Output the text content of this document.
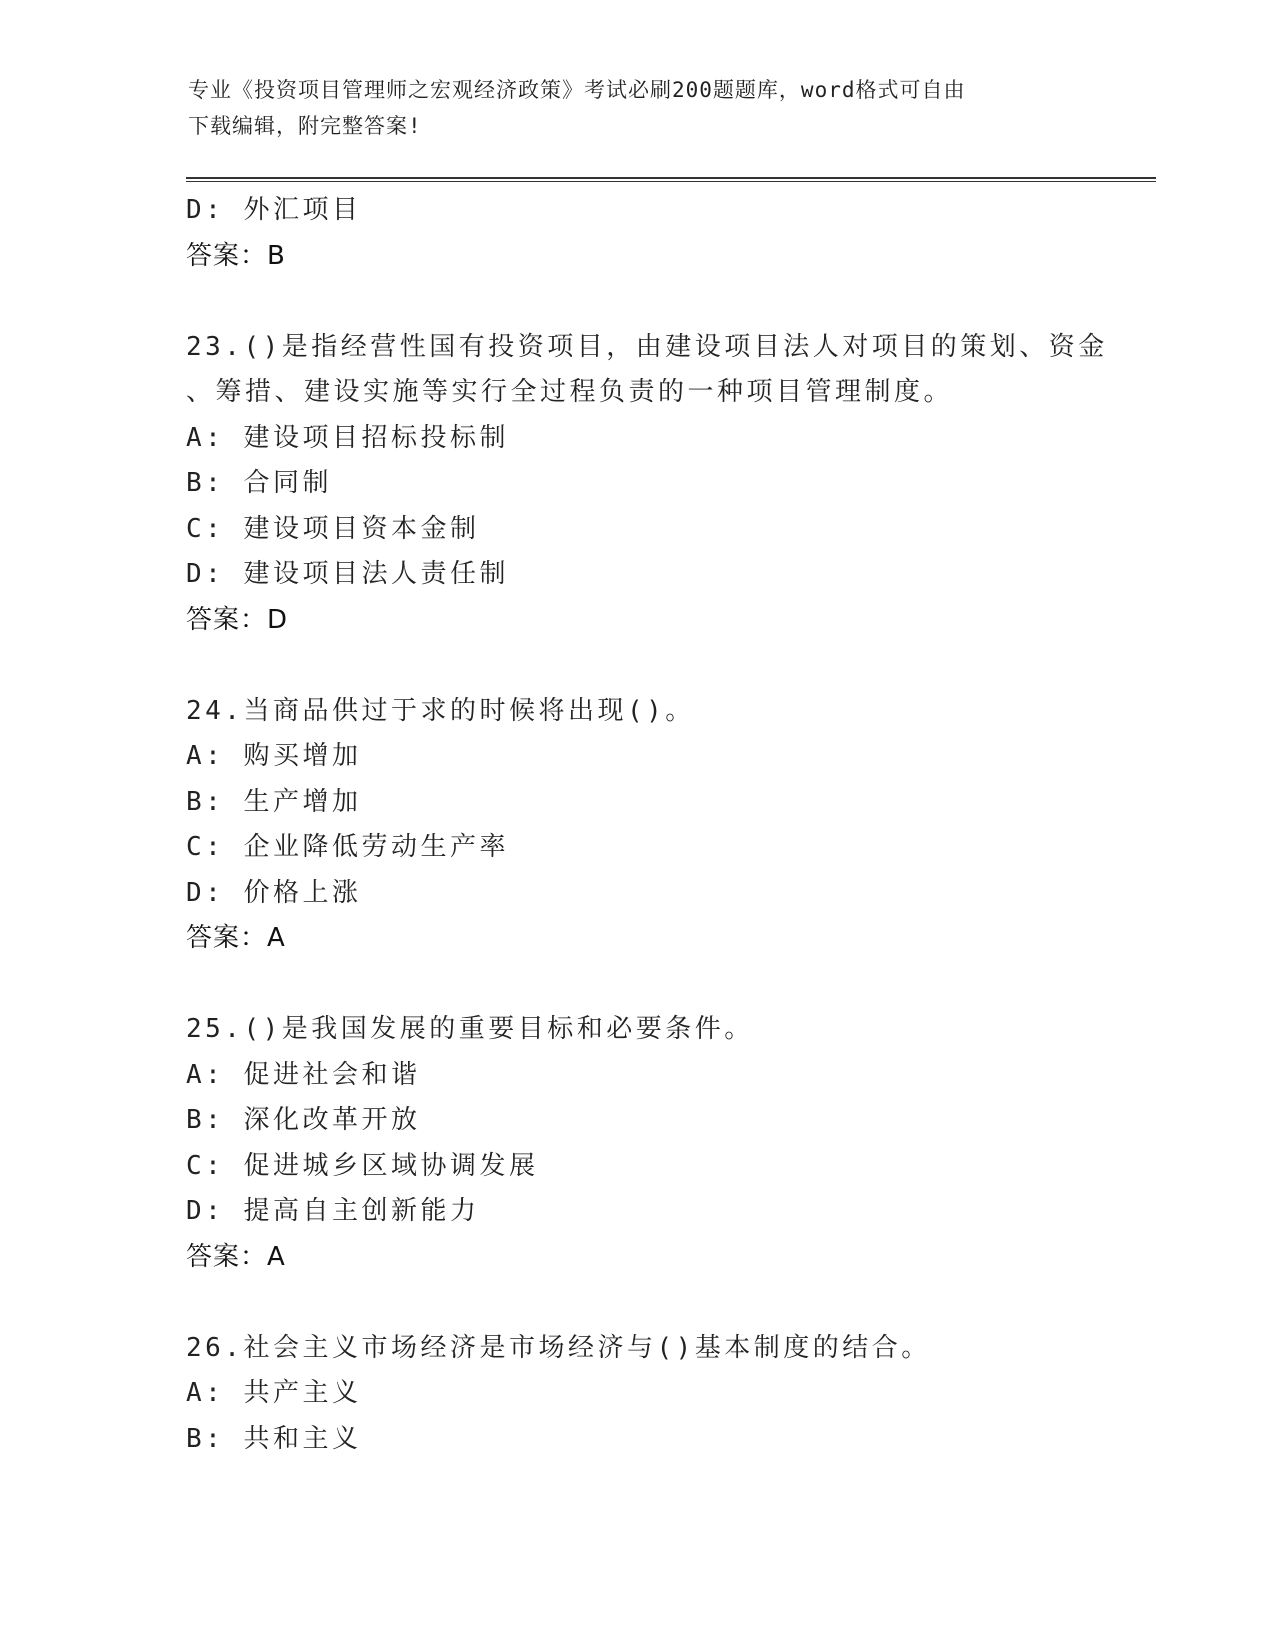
专业《投资项目管理师之宏观经济政策》考试必刷200题题库，word格式可自由
下载编辑，附完整答案!
D: 外汇项目
答案：B
23.()是指经营性国有投资项目，由建设项目法人对项目的策划、资金
、筹措、建设实施等实行全过程负责的一种项目管理制度。
A: 建设项目招标投标制
B: 合同制
C: 建设项目资本金制
D: 建设项目法人责任制
答案：D
24.当商品供过于求的时候将出现()。
A: 购买增加
B: 生产增加
C: 企业降低劳动生产率
D: 价格上涨
答案：A
25.()是我国发展的重要目标和必要条件。
A: 促进社会和谐
B: 深化改革开放
C: 促进城乡区域协调发展
D: 提高自主创新能力
答案：A
26.社会主义市场经济是市场经济与()基本制度的结合。
A: 共产主义
B: 共和主义
